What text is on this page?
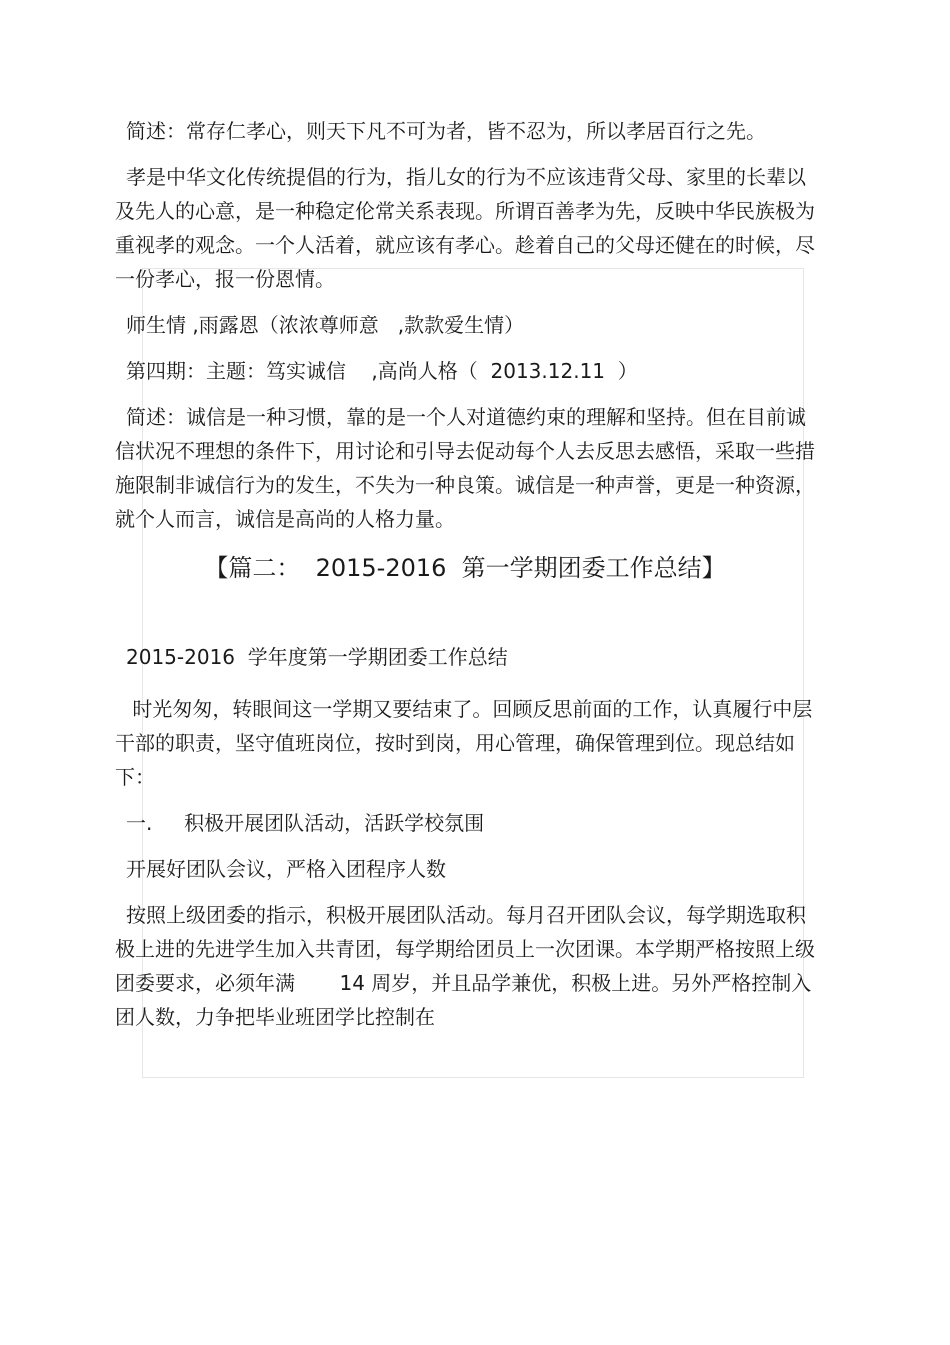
简述：常存仁孝心，则天下凡不可为者，皆不忍为，所以孝居百行之先。

孝是中华文化传统提倡的行为，指儿女的行为不应该违背父母、家里的长辈以及先人的心意，是一种稳定伦常关系表现。所谓百善孝为先，反映中华民族极为重视孝的观念。一个人活着，就应该有孝心。趁着自己的父母还健在的时候，尽一份孝心，报一份恩情。

师生情 ,雨露恩（浓浓尊师意   ,款款爱生情）

第四期：主题：笃实诚信    ,高尚人格（  2013.12.11  ）

简述：诚信是一种习惯，靠的是一个人对道德约束的理解和坚持。但在目前诚信状况不理想的条件下，用讨论和引导去促动每个人去反思去感悟，采取一些措施限制非诚信行为的发生，不失为一种良策。诚信是一种声誉，更是一种资源，就个人而言，诚信是高尚的人格力量。

【篇二：  2015-2016  第一学期团委工作总结】

2015-2016  学年度第一学期团委工作总结

时光匆匆，转眼间这一学期又要结束了。回顾反思前面的工作，认真履行中层干部的职责，坚守值班岗位，按时到岗，用心管理，确保管理到位。现总结如下：

一.     积极开展团队活动，活跃学校氛围

开展好团队会议，严格入团程序人数

按照上级团委的指示，积极开展团队活动。每月召开团队会议，每学期选取积极上进的先进学生加入共青团，每学期给团员上一次团课。本学期严格按照上级团委要求，必须年满       14 周岁，并且品学兼优，积极上进。另外严格控制入团人数，力争把毕业班团学比控制在
